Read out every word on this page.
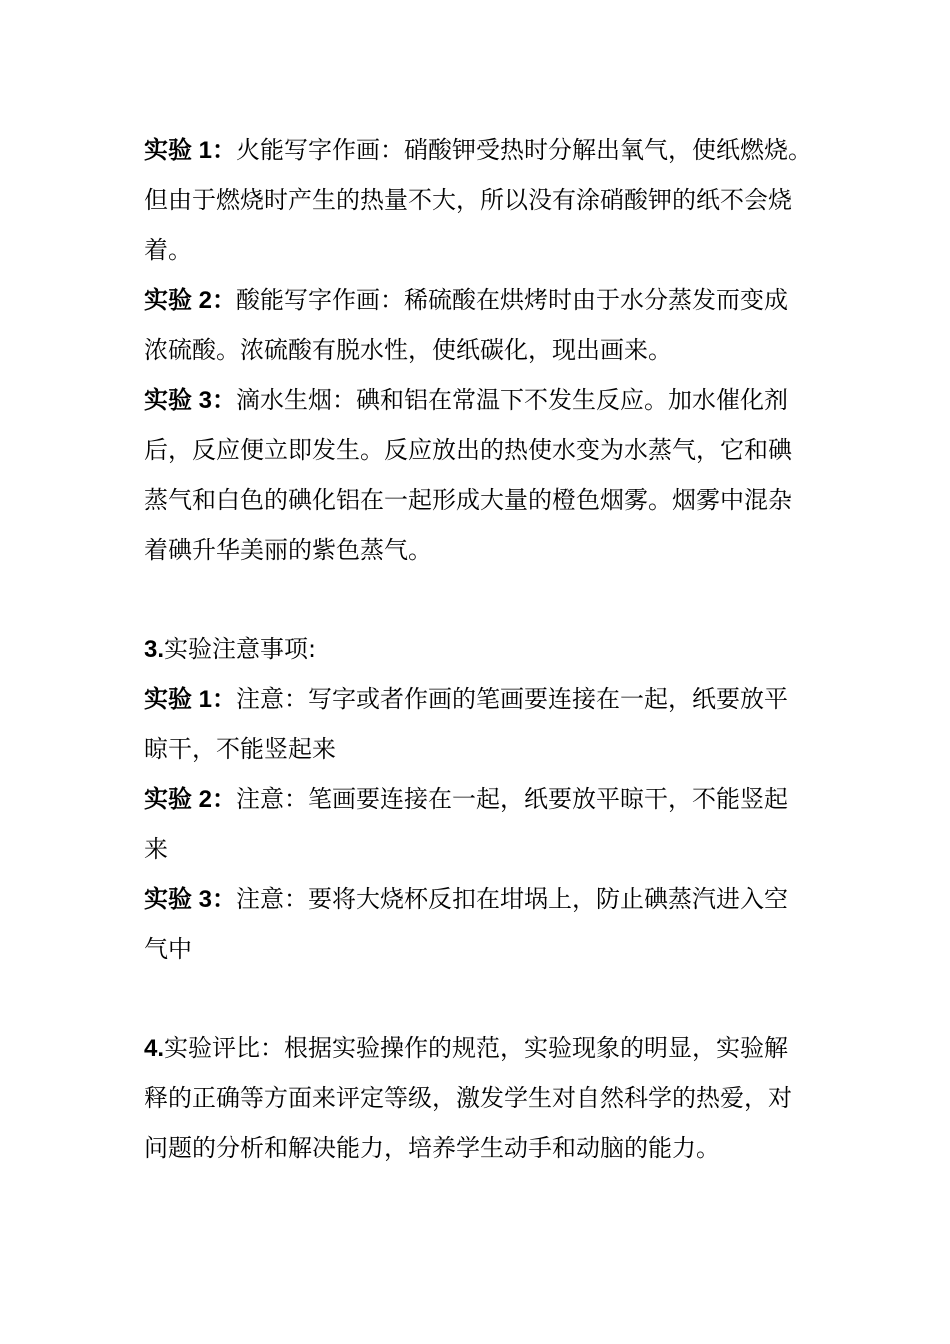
实验 1：火能写字作画：硝酸钾受热时分解出氧气，使纸燃烧。
但由于燃烧时产生的热量不大，所以没有涂硝酸钾的纸不会烧
着。
实验 2：酸能写字作画：稀硫酸在烘烤时由于水分蒸发而变成
浓硫酸。浓硫酸有脱水性，使纸碳化，现出画来。
实验 3：滴水生烟：碘和铝在常温下不发生反应。加水催化剂
后，反应便立即发生。反应放出的热使水变为水蒸气，它和碘
蒸气和白色的碘化铝在一起形成大量的橙色烟雾。烟雾中混杂
着碘升华美丽的紫色蒸气。
3.实验注意事项:
实验 1：注意：写字或者作画的笔画要连接在一起，纸要放平
晾干，不能竖起来
实验 2：注意：笔画要连接在一起，纸要放平晾干，不能竖起
来
实验 3：注意：要将大烧杯反扣在坩埚上，防止碘蒸汽进入空
气中
4.实验评比：根据实验操作的规范，实验现象的明显，实验解
释的正确等方面来评定等级，激发学生对自然科学的热爱，对
问题的分析和解决能力，培养学生动手和动脑的能力。
